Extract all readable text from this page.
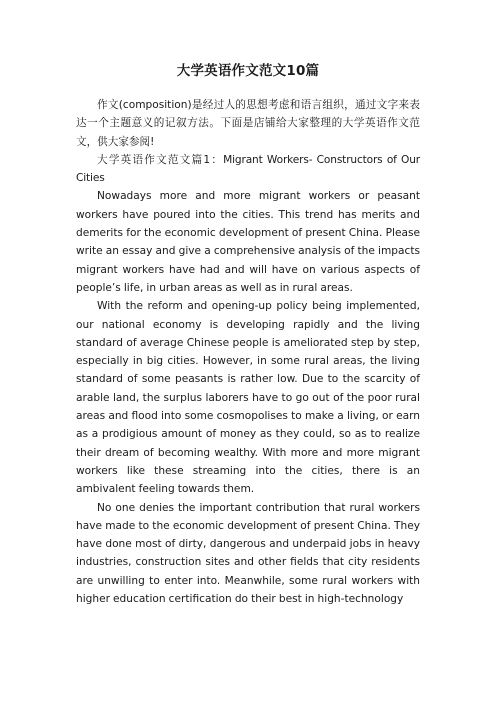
大学英语作文范文10篇

作文(composition)是经过人的思想考虑和语言组织，通过文字来表达一个主题意义的记叙方法。下面是店铺给大家整理的大学英语作文范文，供大家参阅!

大学英语作文范文篇1：Migrant Workers- Constructors of Our Cities

Nowadays more and more migrant workers or peasant workers have poured into the cities. This trend has merits and demerits for the economic development of present China. Please write an essay and give a comprehensive analysis of the impacts migrant workers have had and will have on various aspects of people’s life, in urban areas as well as in rural areas.

With the reform and opening-up policy being implemented, our national economy is developing rapidly and the living standard of average Chinese people is ameliorated step by step, especially in big cities. However, in some rural areas, the living standard of some peasants is rather low. Due to the scarcity of arable land, the surplus laborers have to go out of the poor rural areas and flood into some cosmopolises to make a living, or earn as a prodigious amount of money as they could, so as to realize their dream of becoming wealthy. With more and more migrant workers like these streaming into the cities, there is an ambivalent feeling towards them.

No one denies the important contribution that rural workers have made to the economic development of present China. They have done most of dirty, dangerous and underpaid jobs in heavy industries, construction sites and other fields that city residents are unwilling to enter into. Meanwhile, some rural workers with higher education certification do their best in high-technology
